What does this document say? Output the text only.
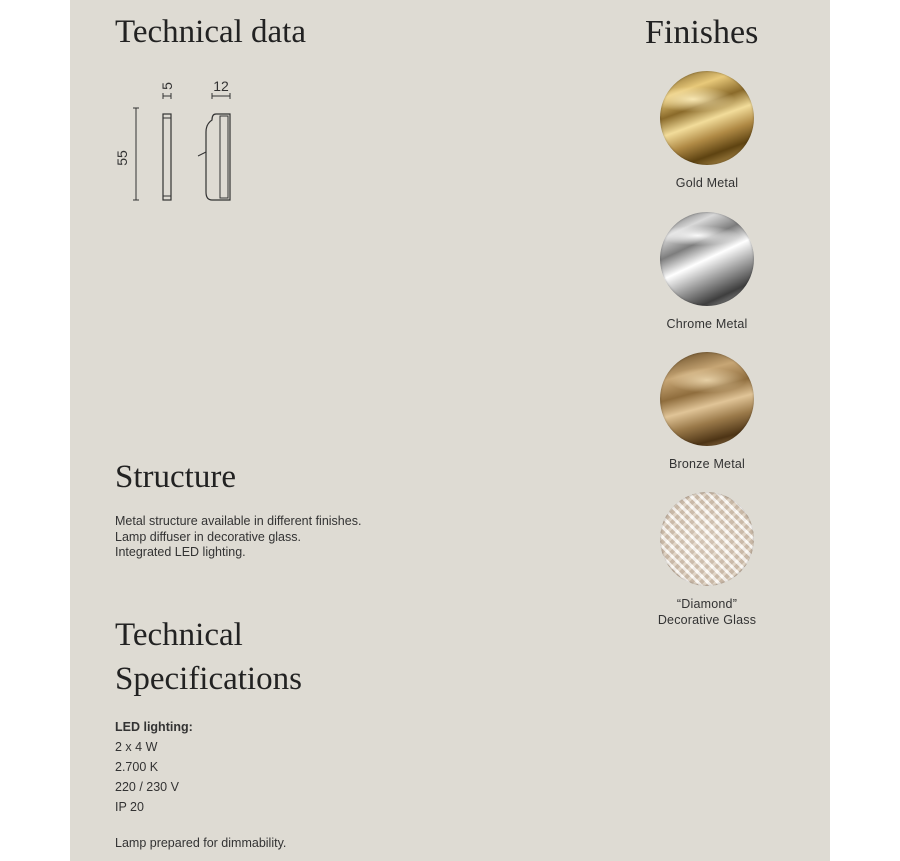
Technical data
55
5	12
Finishes
Gold Metal
Chrome Metal
Bronze Metal
“Diamond”
Decorative Glass
Structure
Metal structure available in different finishes.
Lamp diffuser in decorative glass.
Integrated LED lighting.
Technical
Specifications
LED lighting:
2 x 4 W
2.700 K
220 / 230 V
IP 20
Lamp prepared for dimmability.
